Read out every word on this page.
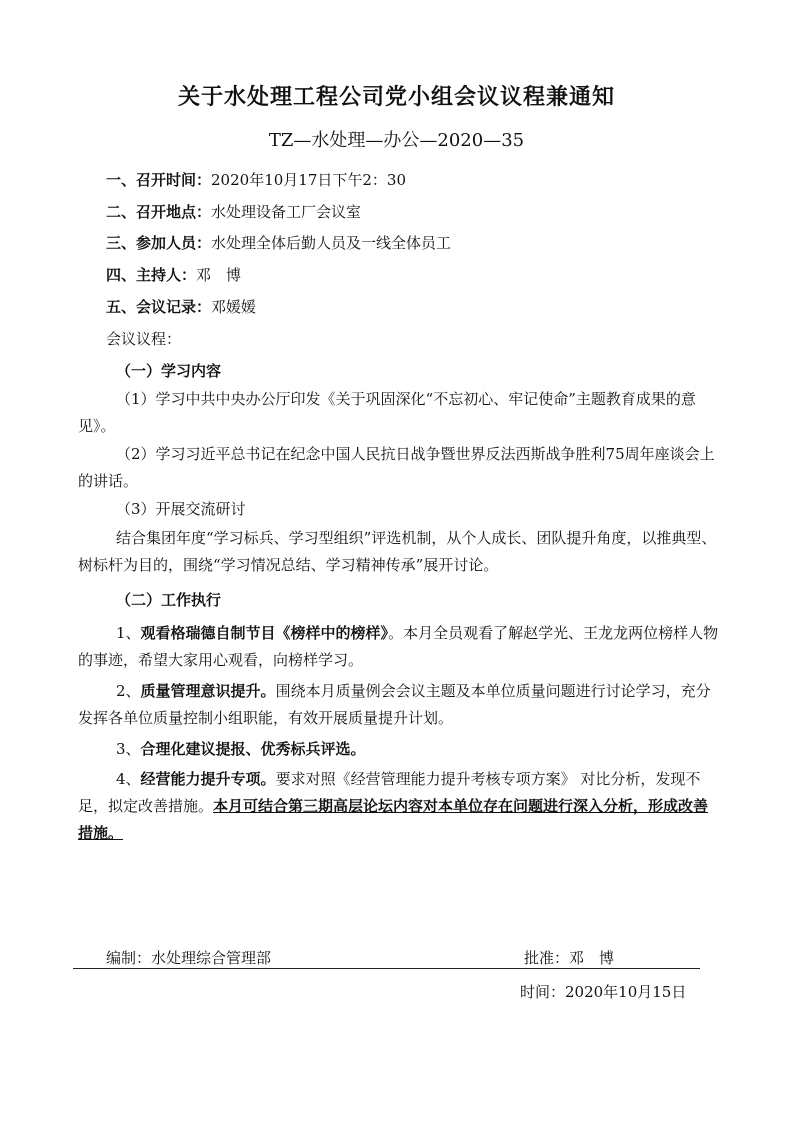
关于水处理工程公司党小组会议议程兼通知
TZ—水处理—办公—2020—35
一、召开时间：2020年10月17日下午2：30
二、召开地点：水处理设备工厂会议室
三、参加人员：水处理全体后勤人员及一线全体员工
四、主持人：邓　博
五、会议记录：邓媛媛
会议议程：
（一）学习内容
（1）学习中共中央办公厅印发《关于巩固深化“不忘初心、牢记使命”主题教育成果的意见》。
（2）学习习近平总书记在纪念中国人民抗日战争暨世界反法西斯战争胜利75周年座谈会上的讲话。
（3）开展交流研讨
结合集团年度“学习标兵、学习型组织”评选机制，从个人成长、团队提升角度，以推典型、树标杆为目的，围绕“学习情况总结、学习精神传承”展开讨论。
（二）工作执行
1、观看格瑞德自制节目《榜样中的榜样》。本月全员观看了解赵学光、王龙龙两位榜样人物的事迹，希望大家用心观看，向榜样学习。
2、质量管理意识提升。围绕本月质量例会会议主题及本单位质量问题进行讨论学习，充分发挥各单位质量控制小组职能，有效开展质量提升计划。
3、合理化建议提报、优秀标兵评选。
4、经营能力提升专项。要求对照《经营管理能力提升考核专项方案》 对比分析，发现不足，拟定改善措施。本月可结合第三期高层论坛内容对本单位存在问题进行深入分析，形成改善措施。
编制：水处理综合管理部	批准：邓　博
时间：2020年10月15日
